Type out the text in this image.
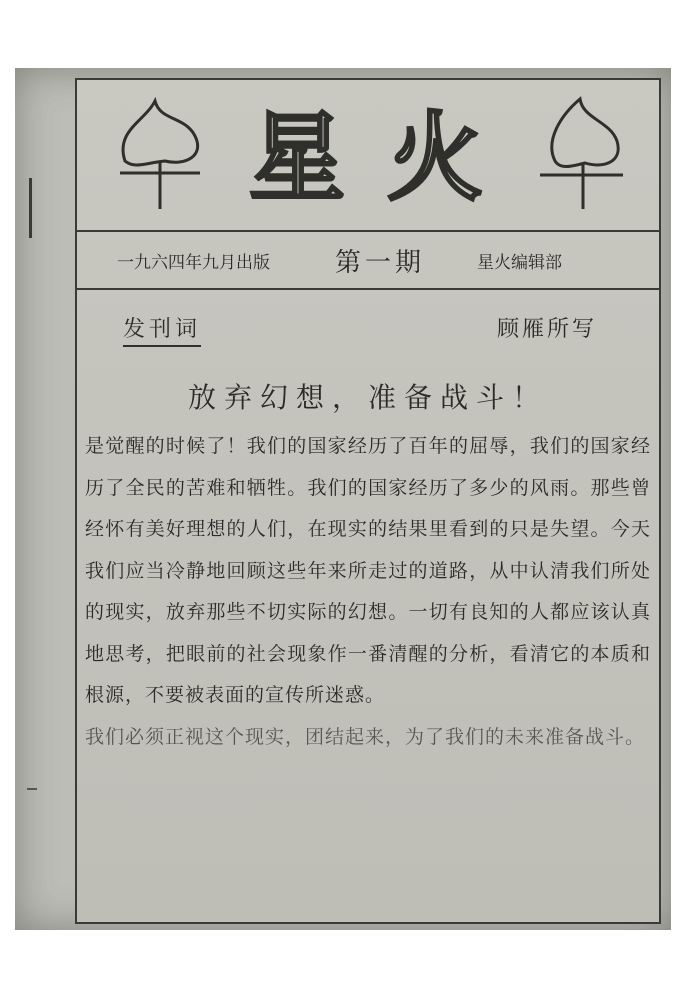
星 火
一九六四年九月出版	第一期	星火编辑部
发刊词	顾雁所写
放弃幻想，准备战斗！

是觉醒的时候了！我们的国家经历了百年的屈辱，我们的国家经历了全民的苦难和牺牲。我们的国家经历了多少的风雨。那些曾经怀有美好理想的人们，在现实的结果里看到的只是失望。今天我们应当冷静地回顾这些年来所走过的道路，从中认清我们所处的现实，放弃那些不切实际的幻想。一切有良知的人都应该认真地思考，把眼前的社会现象作一番清醒的分析，看清它的本质和根源，不要被表面的宣传所迷惑。

我们必须正视这个现实，团结起来，为了我们的未来准备战斗。
